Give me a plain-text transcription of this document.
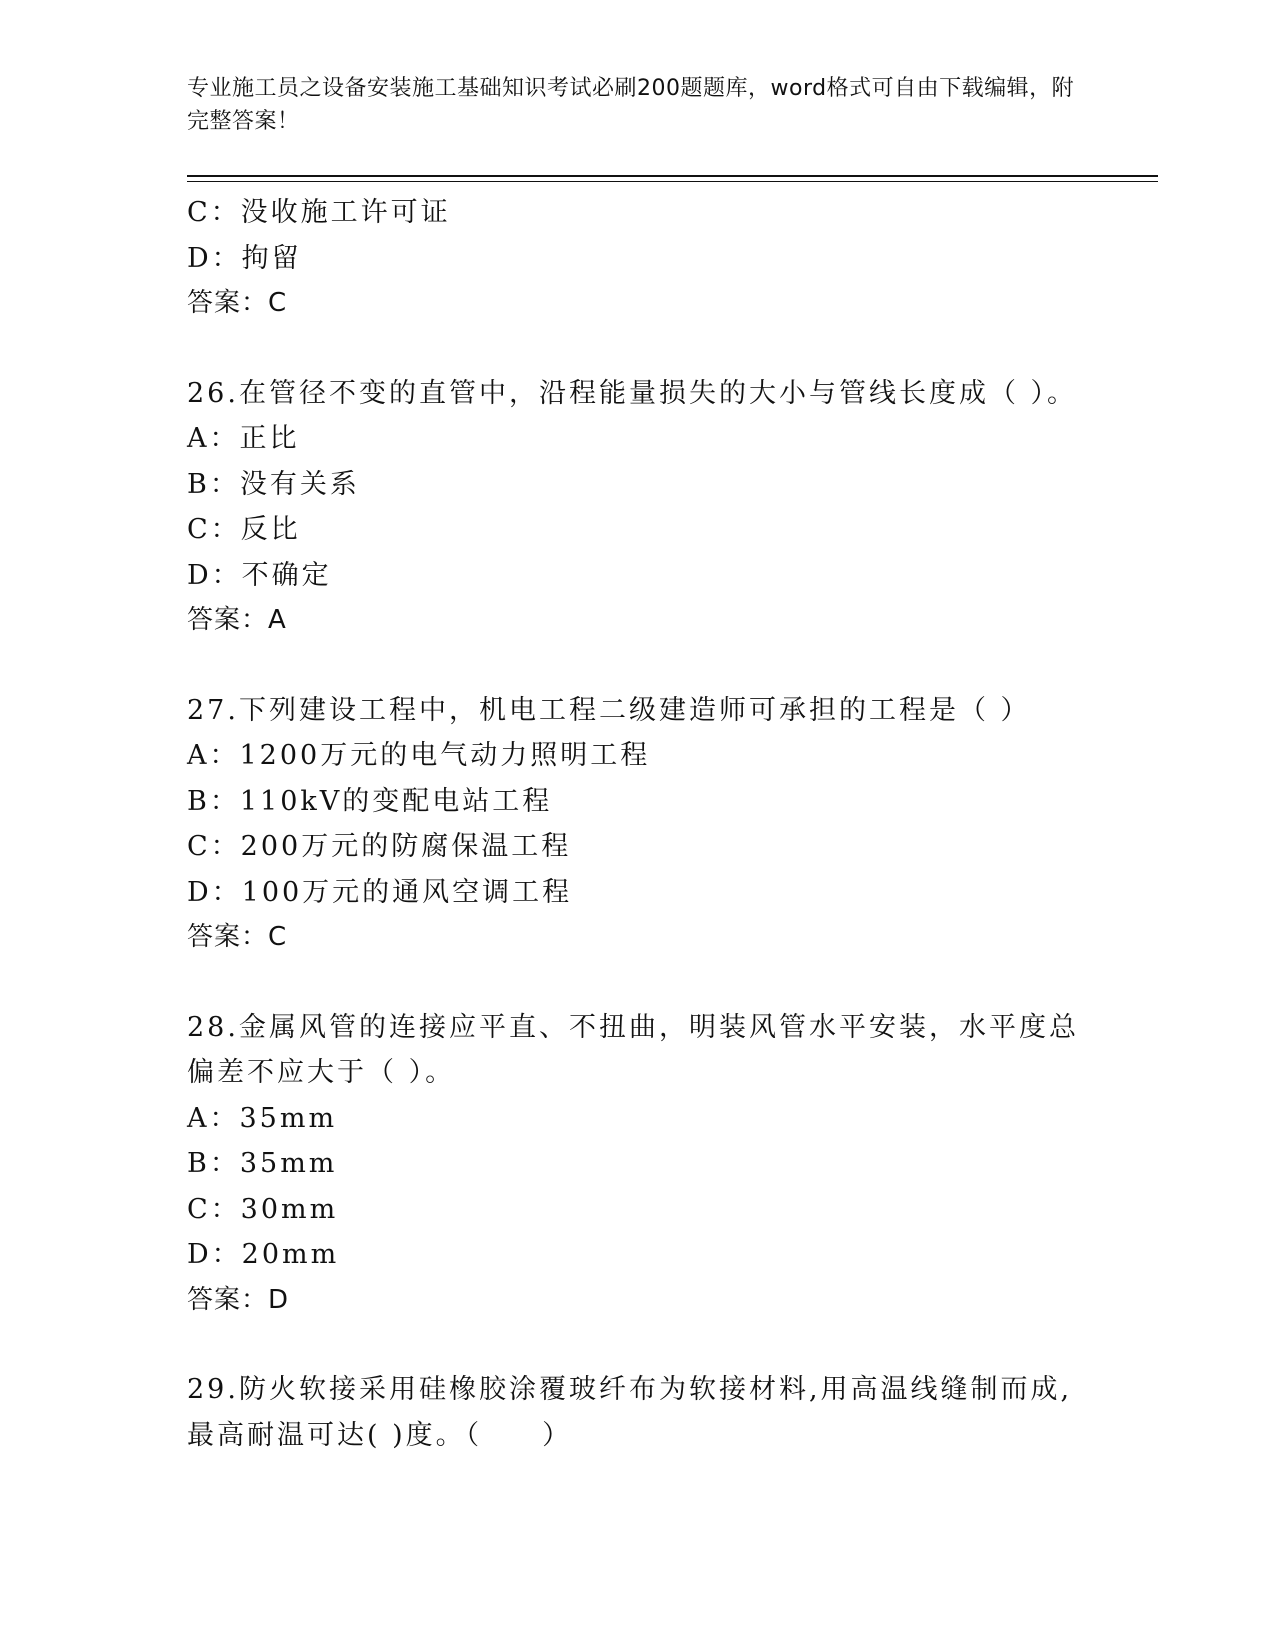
专业施工员之设备安装施工基础知识考试必刷200题题库，word格式可自由下载编辑，附完整答案！
C：没收施工许可证
D：拘留
答案：C
26.在管径不变的直管中，沿程能量损失的大小与管线长度成（ ）。
A：正比
B：没有关系
C：反比
D：不确定
答案：A
27.下列建设工程中，机电工程二级建造师可承担的工程是（ ）
A：1200万元的电气动力照明工程
B：110kV的变配电站工程
C：200万元的防腐保温工程
D：100万元的通风空调工程
答案：C
28.金属风管的连接应平直、不扭曲，明装风管水平安装，水平度总偏差不应大于（ ）。
A：35mm
B：35mm
C：30mm
D：20mm
答案：D
29.防火软接采用硅橡胶涂覆玻纤布为软接材料,用高温线缝制而成,最高耐温可达( )度。（　　）
